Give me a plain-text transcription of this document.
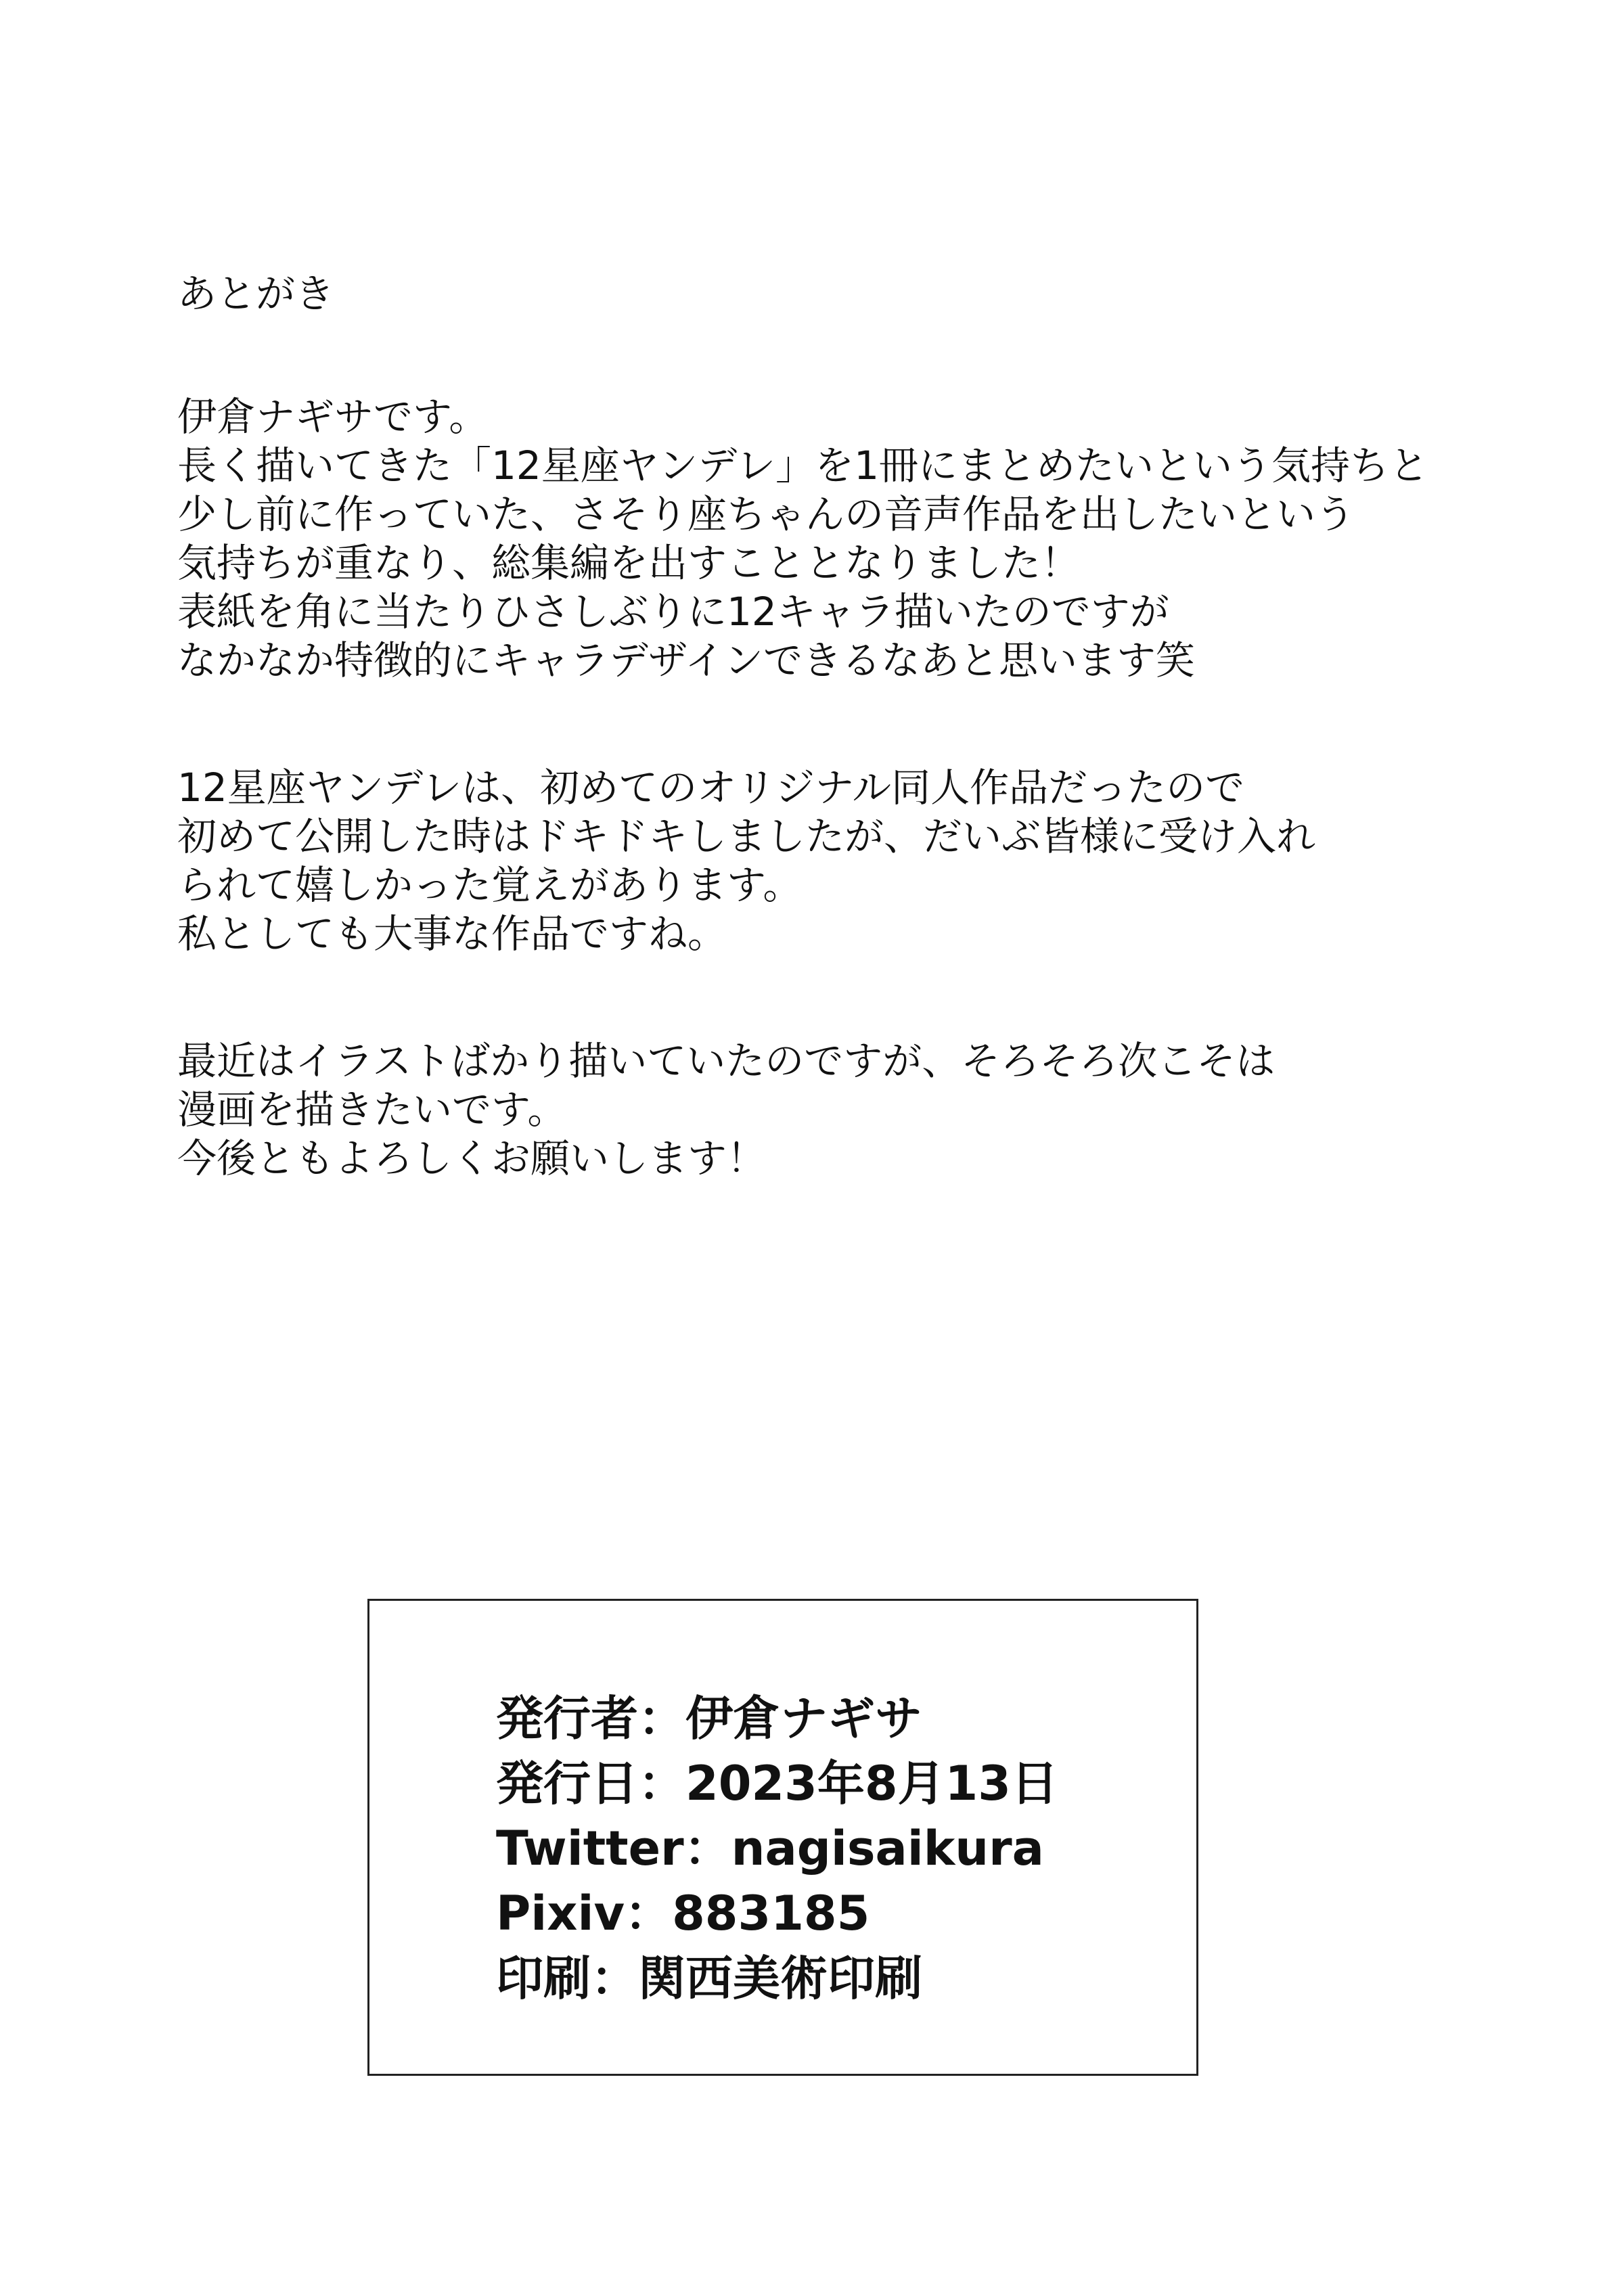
あとがき
伊倉ナギサです。
長く描いてきた「12星座ヤンデレ」を1冊にまとめたいという気持ちと
少し前に作っていた、さそり座ちゃんの音声作品を出したいという
気持ちが重なり、総集編を出すこととなりました！
表紙を角に当たりひさしぶりに12キャラ描いたのですが
なかなか特徴的にキャラデザインできるなあと思います笑
12星座ヤンデレは、初めてのオリジナル同人作品だったので
初めて公開した時はドキドキしましたが、だいぶ皆様に受け入れ
られて嬉しかった覚えがあります。
私としても大事な作品ですね。
最近はイラストばかり描いていたのですが、そろそろ次こそは
漫画を描きたいです。
今後ともよろしくお願いします！
発行者：伊倉ナギサ
発行日：2023年8月13日
Twitter：nagisaikura
Pixiv：883185
印刷：関西美術印刷
